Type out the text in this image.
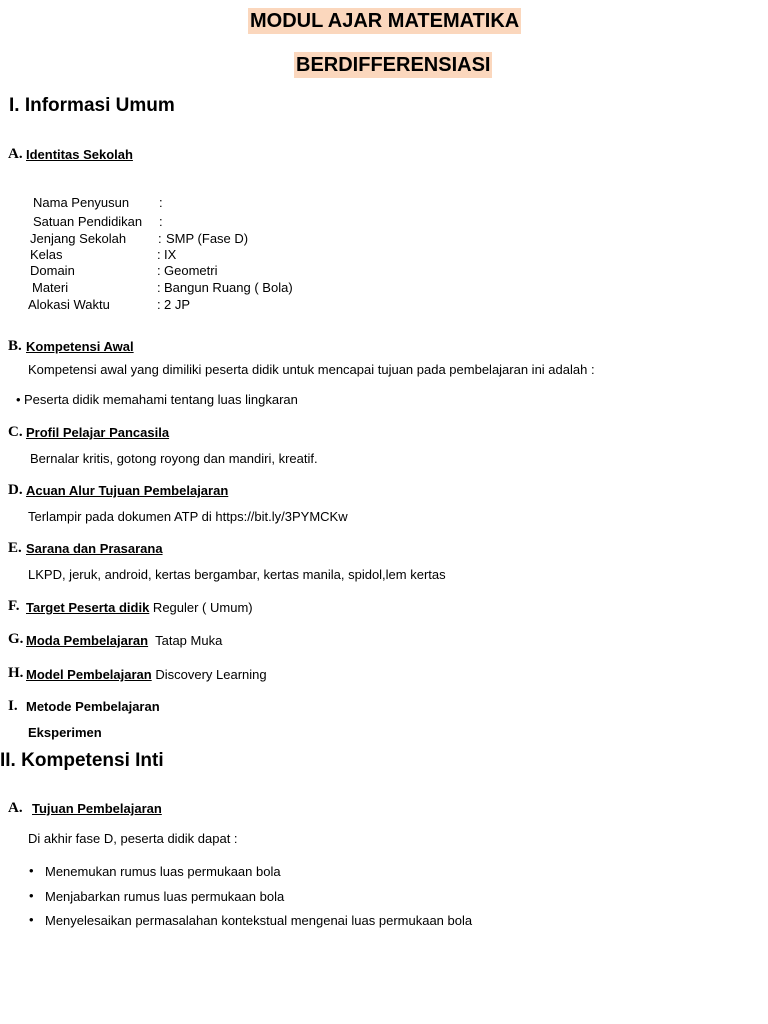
MODUL AJAR MATEMATIKA
BERDIFFERENSIASI
I. Informasi Umum
A. Identitas Sekolah
Nama Penyusun :
Satuan Pendidikan :
Jenjang Sekolah : SMP (Fase D)
Kelas	: IX
Domain	: Geometri
Materi	: Bangun Ruang ( Bola)
Alokasi Waktu	: 2 JP
B. Kompetensi Awal
Kompetensi awal yang dimiliki peserta didik untuk mencapai tujuan pada pembelajaran ini adalah :
• Peserta didik memahami tentang luas lingkaran
C. Profil Pelajar Pancasila
Bernalar kritis, gotong royong dan mandiri, kreatif.
D. Acuan Alur Tujuan Pembelajaran
Terlampir pada dokumen ATP di https://bit.ly/3PYMCKw
E. Sarana dan Prasarana
LKPD, jeruk, android, kertas bergambar, kertas manila, spidol,lem kertas
F. Target Peserta didik Reguler ( Umum)
G. Moda Pembelajaran  Tatap Muka
H. Model Pembelajaran Discovery Learning
I. Metode Pembelajaran
Eksperimen
II. Kompetensi Inti
A. Tujuan Pembelajaran
Di akhir fase D, peserta didik dapat :
• Menemukan rumus luas permukaan bola
• Menjabarkan rumus luas permukaan bola
• Menyelesaikan permasalahan kontekstual mengenai luas permukaan bola
